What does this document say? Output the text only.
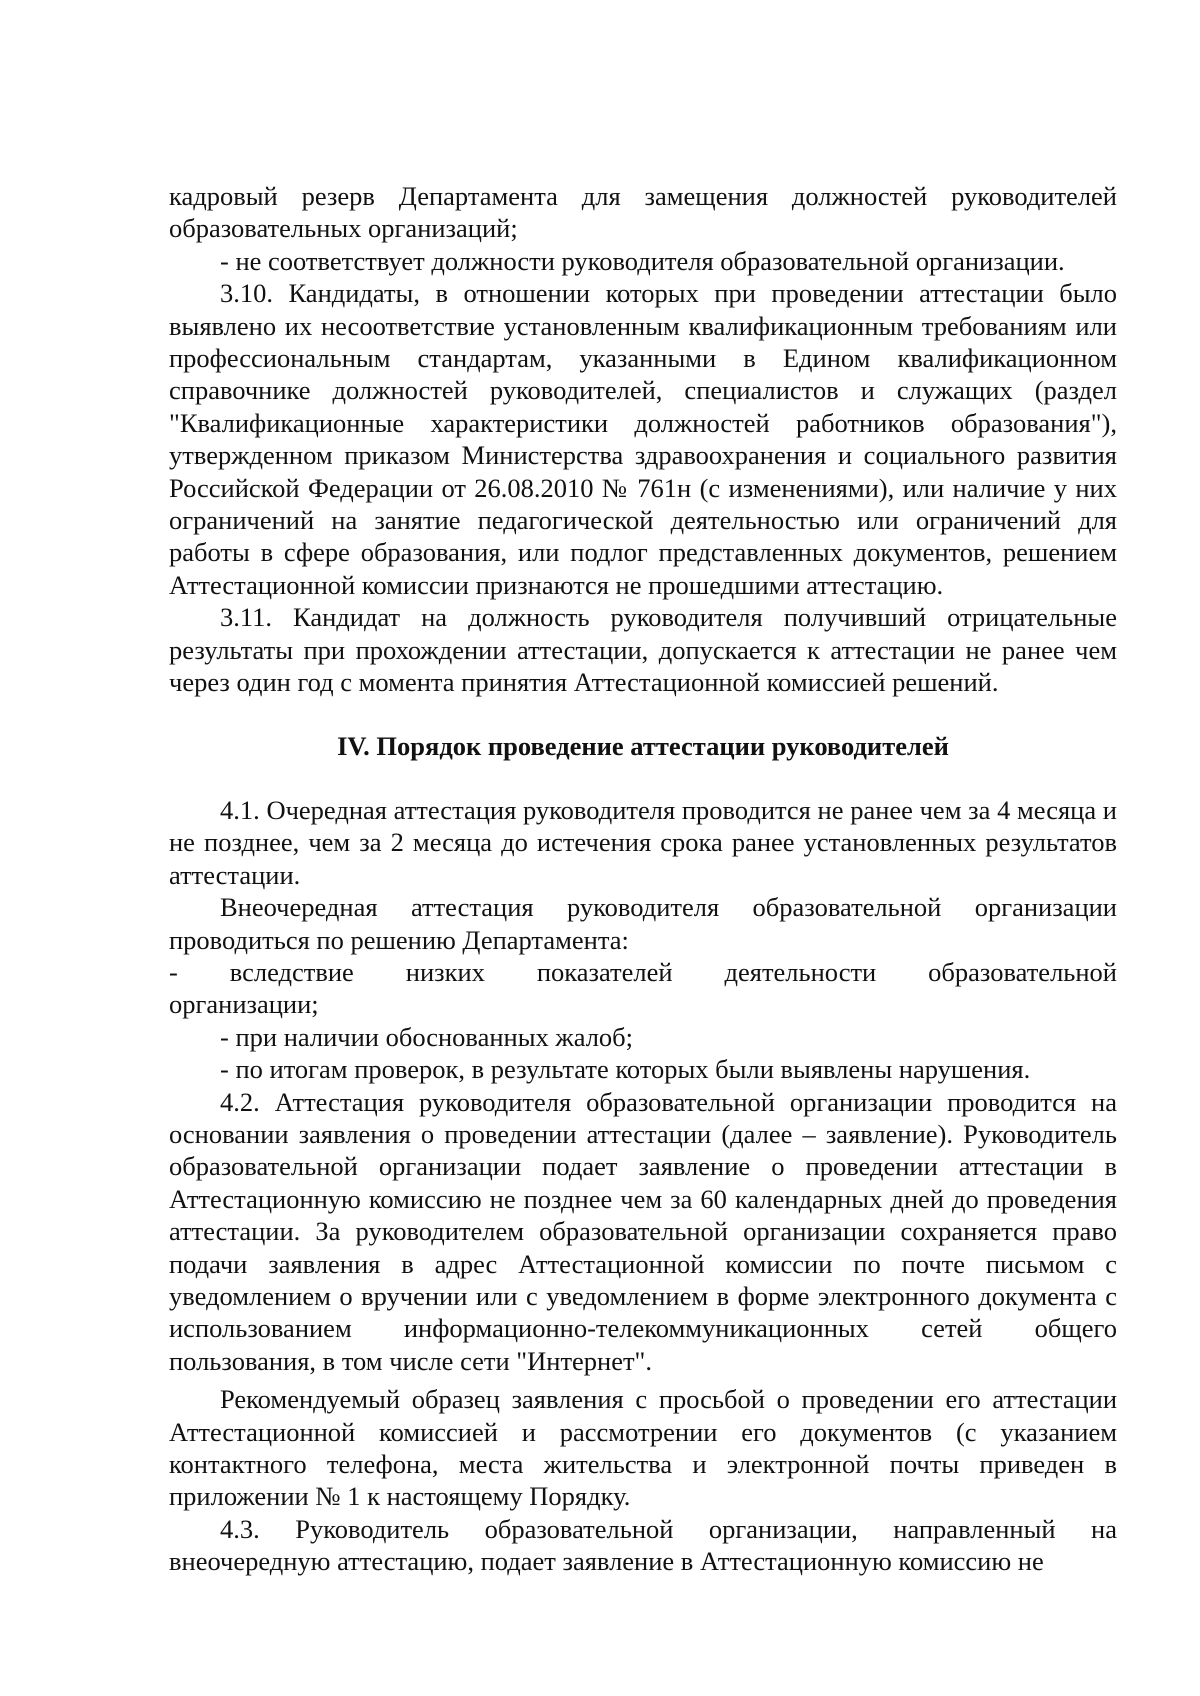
кадровый резерв Департамента для замещения должностей руководителей образовательных организаций;

- не соответствует должности руководителя образовательной организации.

3.10. Кандидаты, в отношении которых при проведении аттестации было выявлено их несоответствие установленным квалификационным требованиям или профессиональным стандартам, указанными в Едином квалификационном справочнике должностей руководителей, специалистов и служащих (раздел "Квалификационные характеристики должностей работников образования"), утвержденном приказом Министерства здравоохранения и социального развития Российской Федерации от 26.08.2010 № 761н (с изменениями), или наличие у них ограничений на занятие педагогической деятельностью или ограничений для работы в сфере образования, или подлог представленных документов, решением Аттестационной комиссии признаются не прошедшими аттестацию.

3.11. Кандидат на должность руководителя получивший отрицательные результаты при прохождении аттестации, допускается к аттестации не ранее чем через один год с момента принятия Аттестационной комиссией решений.

IV. Порядок проведение аттестации руководителей

4.1. Очередная аттестация руководителя проводится не ранее чем за 4 месяца и не позднее, чем за 2 месяца до истечения срока ранее установленных результатов аттестации.

Внеочередная аттестация руководителя образовательной организации проводиться по решению Департамента:

- вследствие низких показателей деятельности образовательной

организации;

- при наличии обоснованных жалоб;

- по итогам проверок, в результате которых были выявлены нарушения.

4.2. Аттестация руководителя образовательной организации проводится на основании заявления о проведении аттестации (далее – заявление). Руководитель образовательной организации подает заявление о проведении аттестации в Аттестационную комиссию не позднее чем за 60 календарных дней до проведения аттестации. За руководителем образовательной организации сохраняется право подачи заявления в адрес Аттестационной комиссии по почте письмом с уведомлением о вручении или с уведомлением в форме электронного документа с использованием информационно-телекоммуникационных сетей общего пользования, в том числе сети "Интернет".

Рекомендуемый образец заявления с просьбой о проведении его аттестации Аттестационной комиссией и рассмотрении его документов (с указанием контактного телефона, места жительства и электронной почты приведен в приложении № 1 к настоящему Порядку.

4.3. Руководитель образовательной организации, направленный на внеочередную аттестацию, подает заявление в Аттестационную комиссию не
